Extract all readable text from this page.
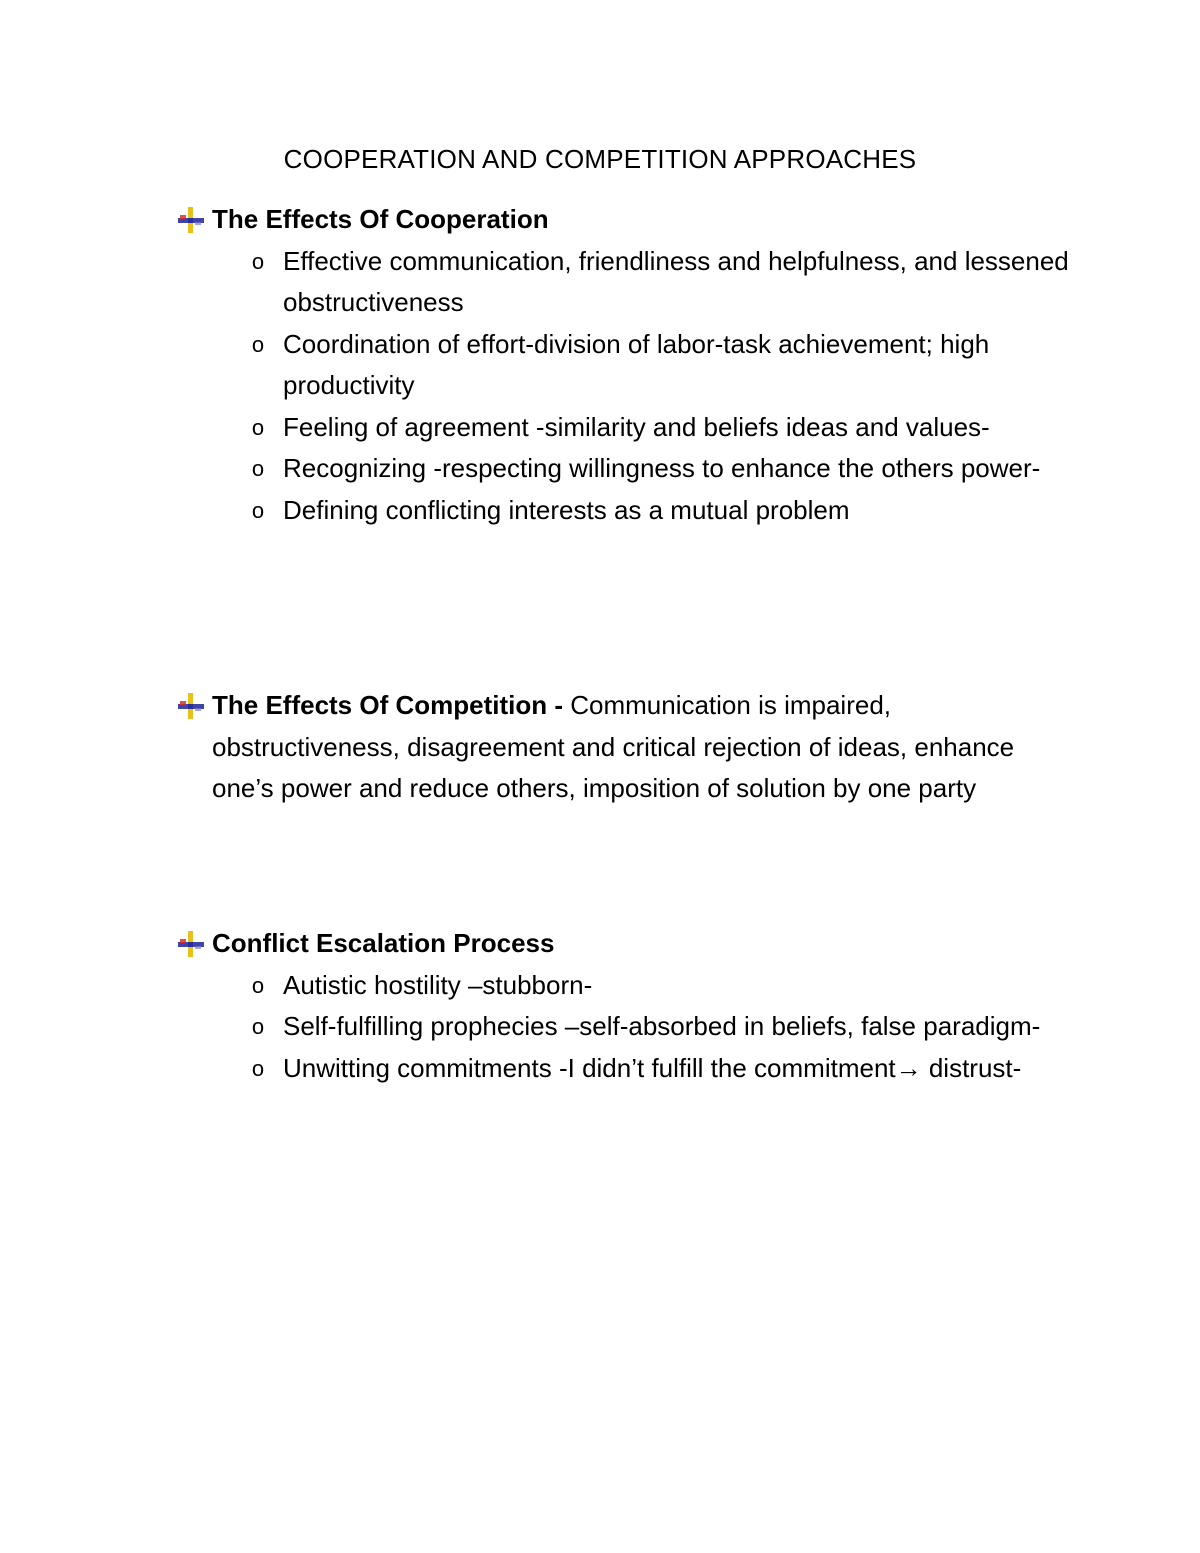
COOPERATION AND COMPETITION APPROACHES
The Effects Of Cooperation
o Effective communication, friendliness and helpfulness, and lessened obstructiveness
o Coordination of effort-division of labor-task achievement; high productivity
o Feeling of agreement -similarity and beliefs ideas and values-
o Recognizing -respecting willingness to enhance the others power-
o Defining conflicting interests as a mutual problem
The Effects Of Competition - Communication is impaired, obstructiveness, disagreement and critical rejection of ideas, enhance one’s power and reduce others, imposition of solution by one party
Conflict Escalation Process
o Autistic hostility –stubborn-
o Self-fulfilling prophecies –self-absorbed in beliefs, false paradigm-
o Unwitting commitments -I didn’t fulfill the commitment→ distrust-
